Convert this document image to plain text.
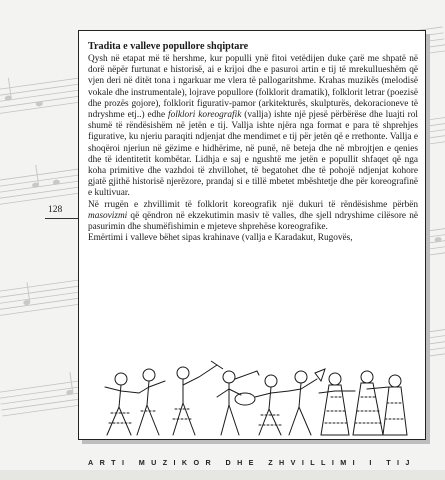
128
Tradita e valleve popullore shqiptare

Qysh në etapat më të hershme, kur populli ynë fitoi vetëdijen duke çarë me shpatë në dorë nëpër furtunat e historisë, ai e krijoi dhe e pasuroi artin e tij të mrekullueshëm që vjen deri në ditët tona i ngarkuar me vlera të pallogaritshme. Krahas muzikës (melodisë vokale dhe instrumentale), lojrave popullore (folklorit dramatik), folklorit letrar (poezisë dhe prozës gojore), folklorit figurativ-pamor (arkitekturës, skulpturës, dekoracioneve të ndryshme etj..) edhe folklori koreografik (vallja) ishte një pjesë përbërëse dhe luajti rol shumë të rëndësishëm në jetën e tij. Vallja ishte njëra nga format e para të shprehjes figurative, ku njeriu paraqiti ndjenjat dhe mendimet e tij për jetën që e rrethonte. Vallja e shoqëroi njeriun në gëzime e hidhërime, në punë, në beteja dhe në mbrojtjen e qenies dhe të identitetit kombëtar. Lidhja e saj e ngushtë me jetën e popullit shfaqet që nga koha primitive dhe vazhdoi të zhvillohet, të begatohet dhe të pohojë ndjenjat kohore gjatë gjithë historisë njerëzore, prandaj si e tillë mbetet mbështetje dhe për koreografinë e kultivuar.

Në rrugën e zhvillimit të folklorit koreografik një dukuri të rëndësishme përbën masovizmi që qëndron në ekzekutimin masiv të valles, dhe sjell ndryshime cilësore në pasurimin dhe shumëfishimin e mjeteve shprehëse koreografike.

Emërtimi i valleve bëhet sipas krahinave (vallja e Karadakut, Rugovës,

ARTI MUZIKOR DHE ZHVILLIMI I TIJ
